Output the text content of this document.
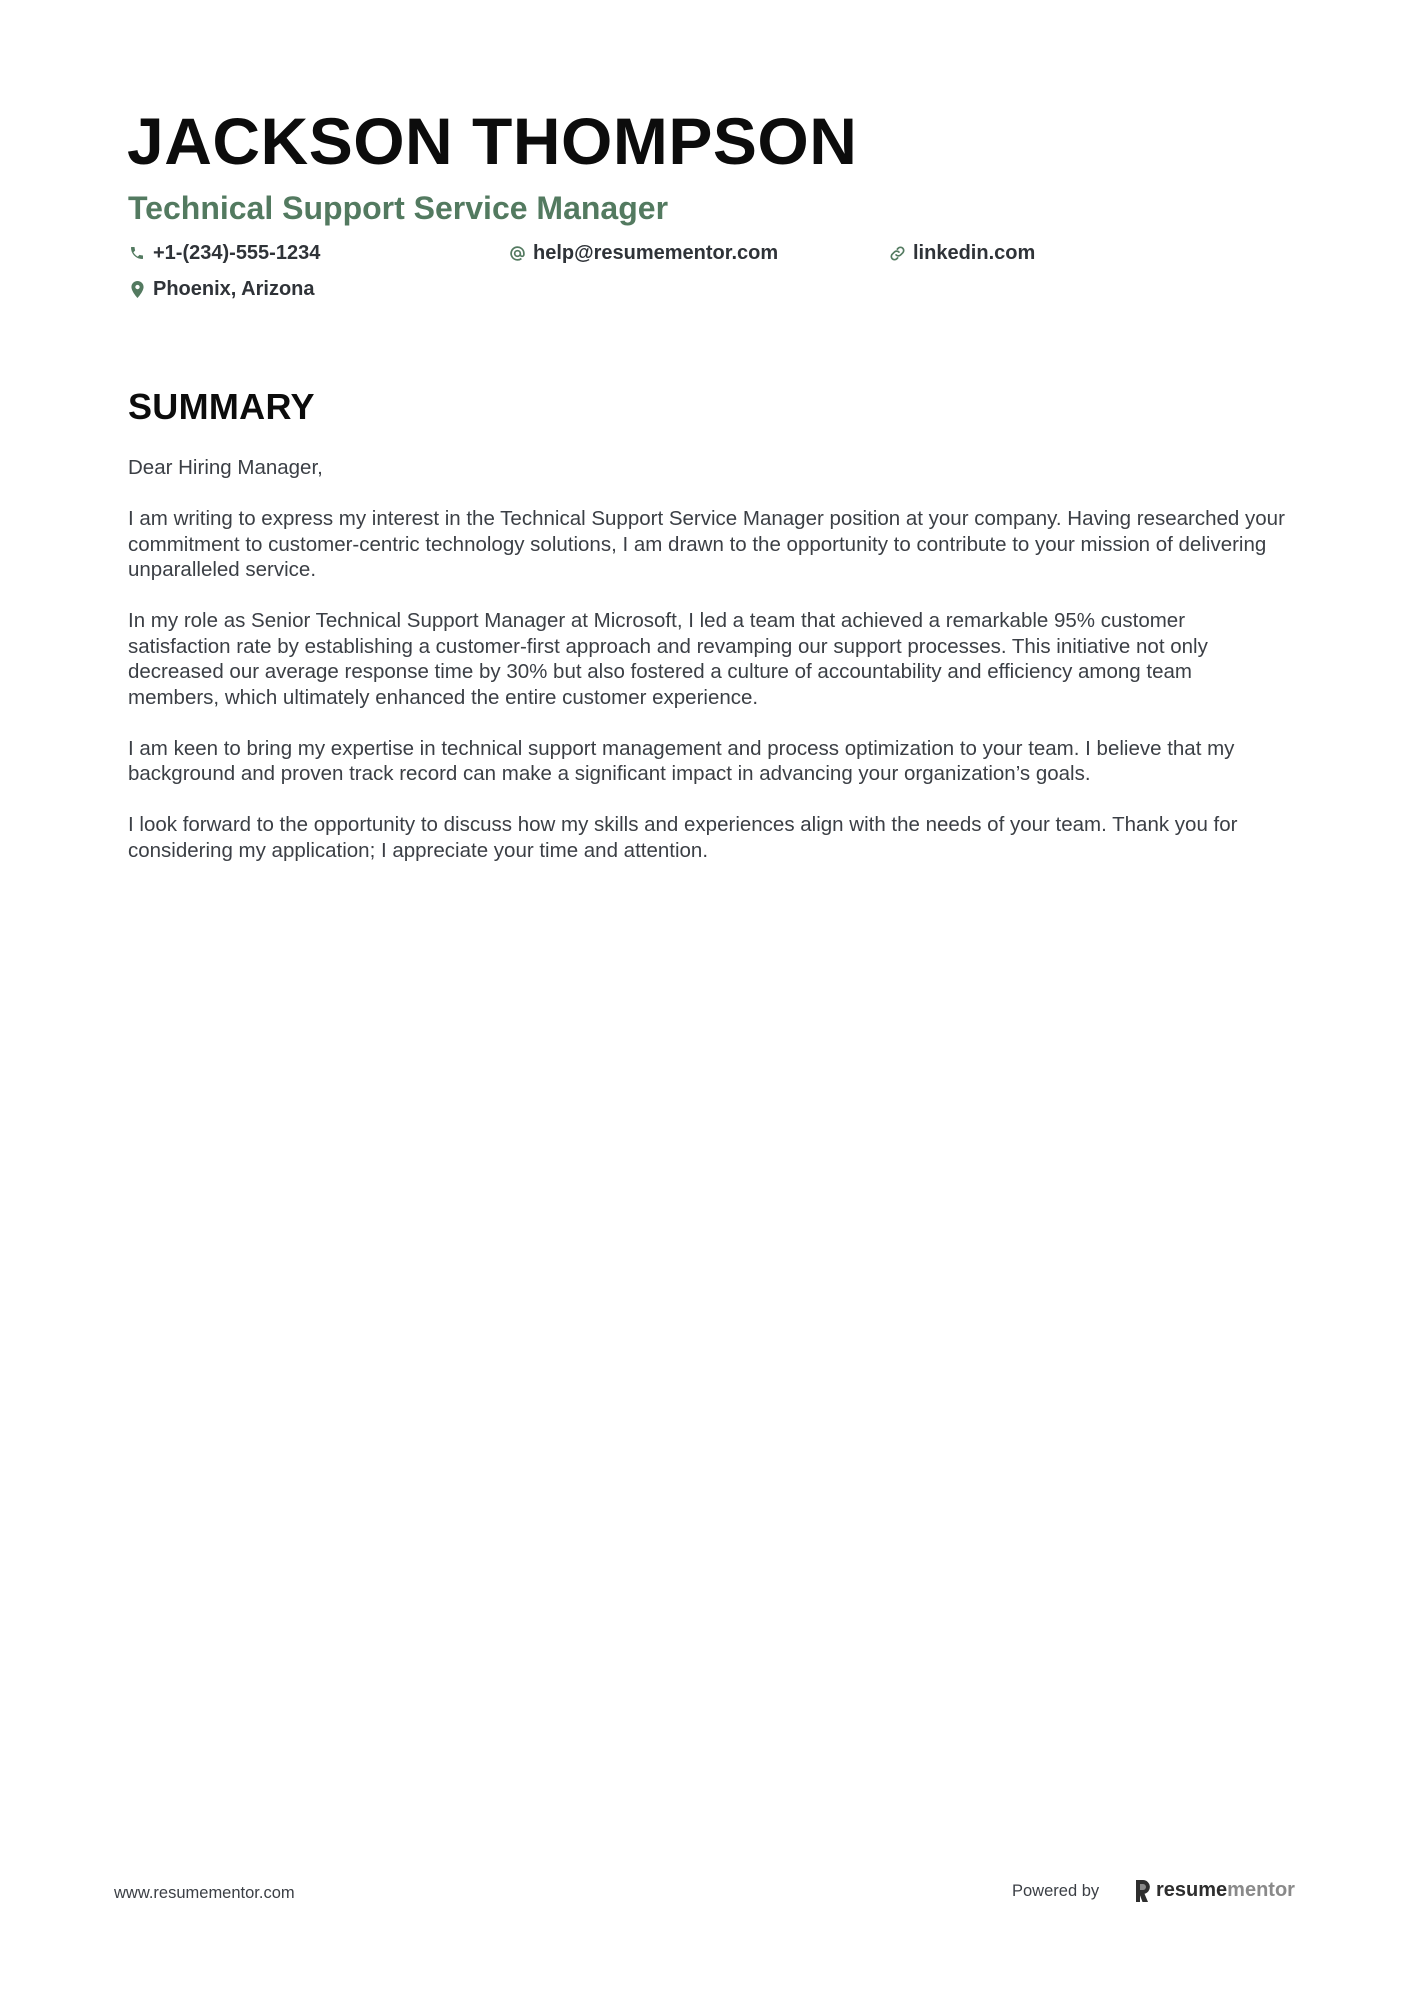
JACKSON THOMPSON
Technical Support Service Manager
+1-(234)-555-1234	help@resumementor.com	linkedin.com
Phoenix, Arizona
SUMMARY

Dear Hiring Manager,

I am writing to express my interest in the Technical Support Service Manager position at your company. Having researched your commitment to customer-centric technology solutions, I am drawn to the opportunity to contribute to your mission of delivering unparalleled service.

In my role as Senior Technical Support Manager at Microsoft, I led a team that achieved a remarkable 95% customer satisfaction rate by establishing a customer-first approach and revamping our support processes. This initiative not only decreased our average response time by 30% but also fostered a culture of accountability and efficiency among team members, which ultimately enhanced the entire customer experience.

I am keen to bring my expertise in technical support management and process optimization to your team. I believe that my background and proven track record can make a significant impact in advancing your organization’s goals.

I look forward to the opportunity to discuss how my skills and experiences align with the needs of your team. Thank you for considering my application; I appreciate your time and attention.

www.resumementor.com	Powered by	resume mentor
